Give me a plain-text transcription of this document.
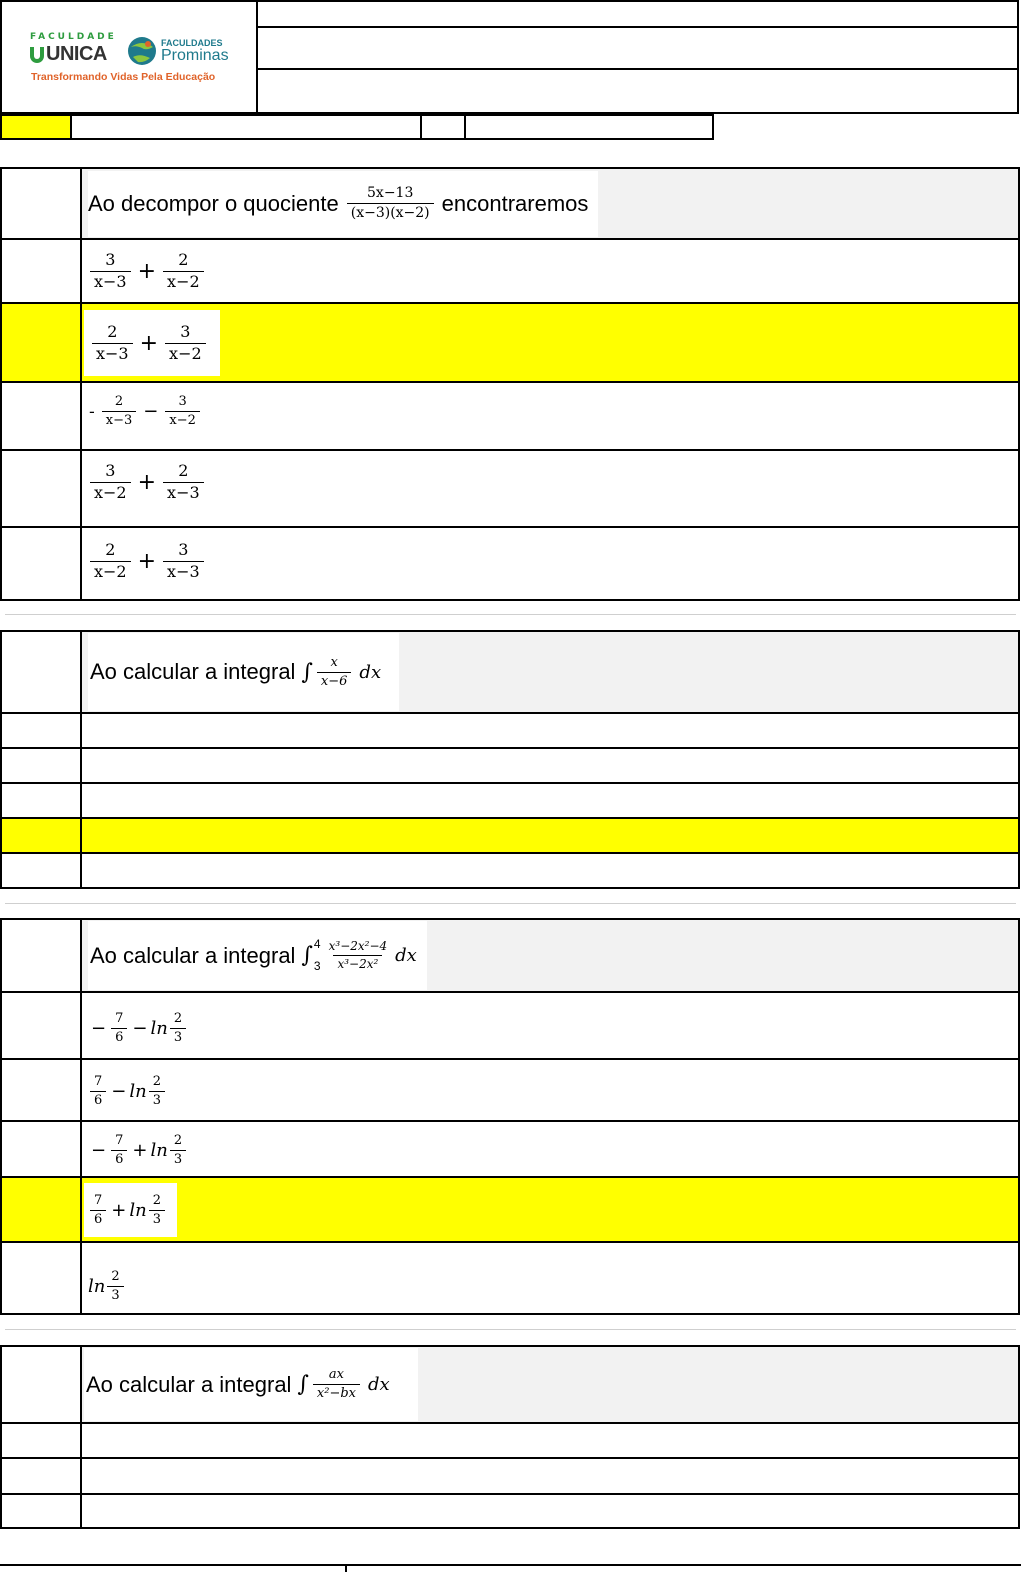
FACULDADE
UNICA
FACULDADES
Prominas
Transformando Vidas Pela Educação
Ao decompor o quociente $\frac{5x-13}{(x-3)(x-2)}$ encontraremos
$\frac{3}{x-3} + \frac{2}{x-2}$
$\frac{2}{x-3} + \frac{3}{x-2}$
- $\frac{2}{x-3} - \frac{3}{x-2}$
$\frac{3}{x-2} + \frac{2}{x-3}$
$\frac{2}{x-2} + \frac{3}{x-3}$
Ao calcular a integral ∫ $\frac{x}{x-6}$ dx
Ao calcular a integral ∫ 4
$3 \frac{\text{x³−2x²−4}}{\text{x³−2x²}}$ dx
− $\frac{7}{6} - \ln \frac{2}{3}$
$\frac{7}{6} - \ln \frac{2}{3}$
− $\frac{7}{6} + \ln \frac{2}{3}$
$\frac{7}{6} + \ln \frac{2}{3}$
$\ln \frac{2}{3}$
Ao calcular a integral ∫ $\frac{ax}{\text{x²−bx}}$ dx
